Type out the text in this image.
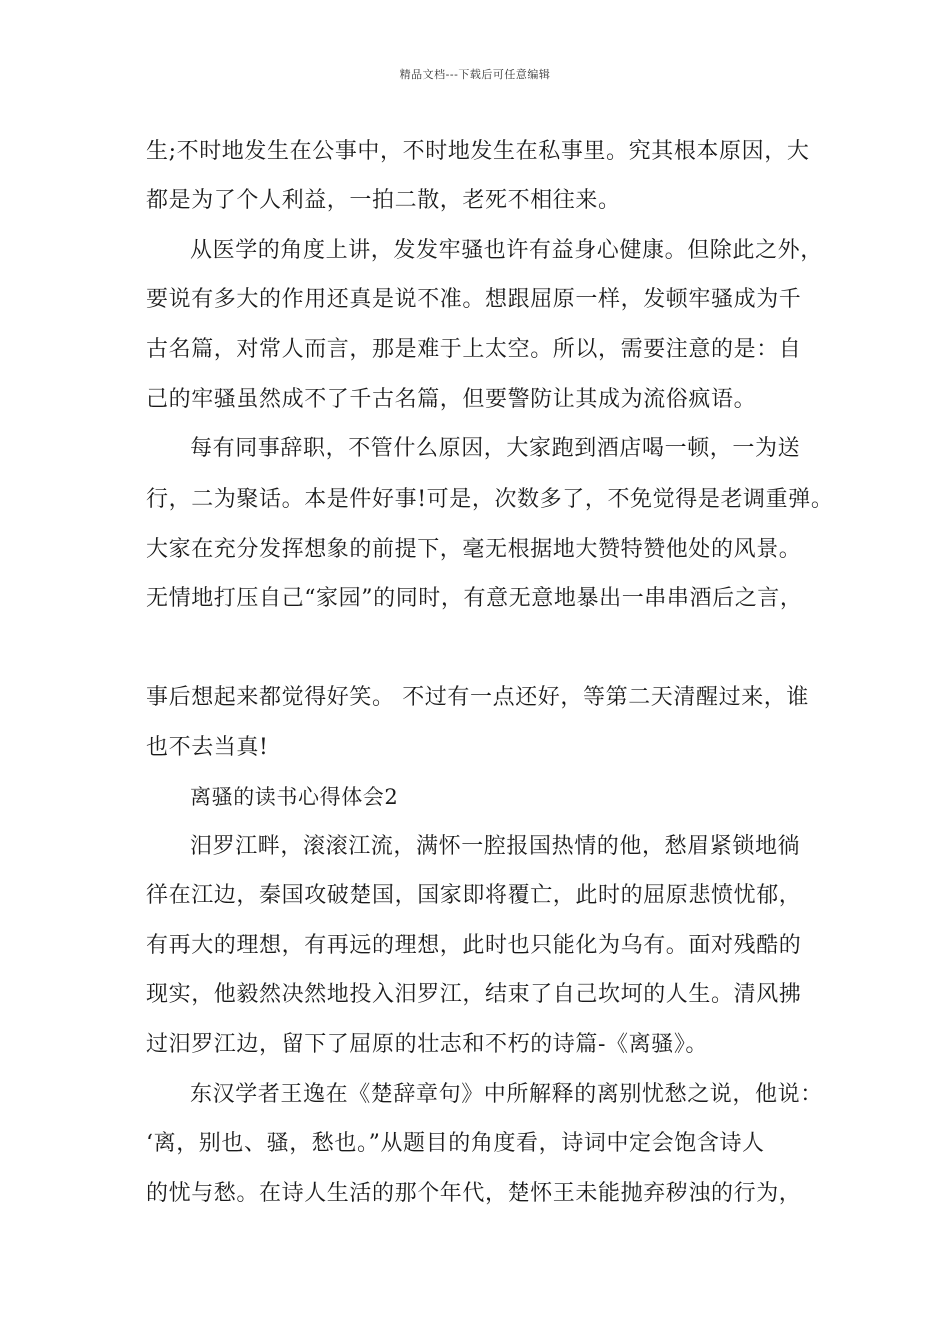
精品文档---下载后可任意编辑
生;不时地发生在公事中，不时地发生在私事里。究其根本原因，大
都是为了个人利益，一拍二散，老死不相往来。
从医学的角度上讲，发发牢骚也许有益身心健康。但除此之外，
要说有多大的作用还真是说不准。想跟屈原一样，发顿牢骚成为千
古名篇，对常人而言，那是难于上太空。所以，需要注意的是：自
己的牢骚虽然成不了千古名篇，但要警防让其成为流俗疯语。
每有同事辞职，不管什么原因，大家跑到酒店喝一顿，一为送
行，二为聚话。本是件好事!可是，次数多了，不免觉得是老调重弹。
大家在充分发挥想象的前提下，毫无根据地大赞特赞他处的风景。
无情地打压自己“家园”的同时，有意无意地暴出一串串酒后之言，
事后想起来都觉得好笑。 不过有一点还好，等第二天清醒过来，谁
也不去当真!
离骚的读书心得体会2
汨罗江畔，滚滚江流，满怀一腔报国热情的他，愁眉紧锁地徜
徉在江边，秦国攻破楚国，国家即将覆亡，此时的屈原悲愤忧郁，
有再大的理想，有再远的理想，此时也只能化为乌有。面对残酷的
现实，他毅然决然地投入汨罗江，结束了自己坎坷的人生。清风拂
过汨罗江边，留下了屈原的壮志和不朽的诗篇-《离骚》。
东汉学者王逸在《楚辞章句》中所解释的离别忧愁之说，他说：
‘离，别也、骚，愁也。”从题目的角度看，诗词中定会饱含诗人
的忧与愁。在诗人生活的那个年代，楚怀王未能抛弃秽浊的行为，
